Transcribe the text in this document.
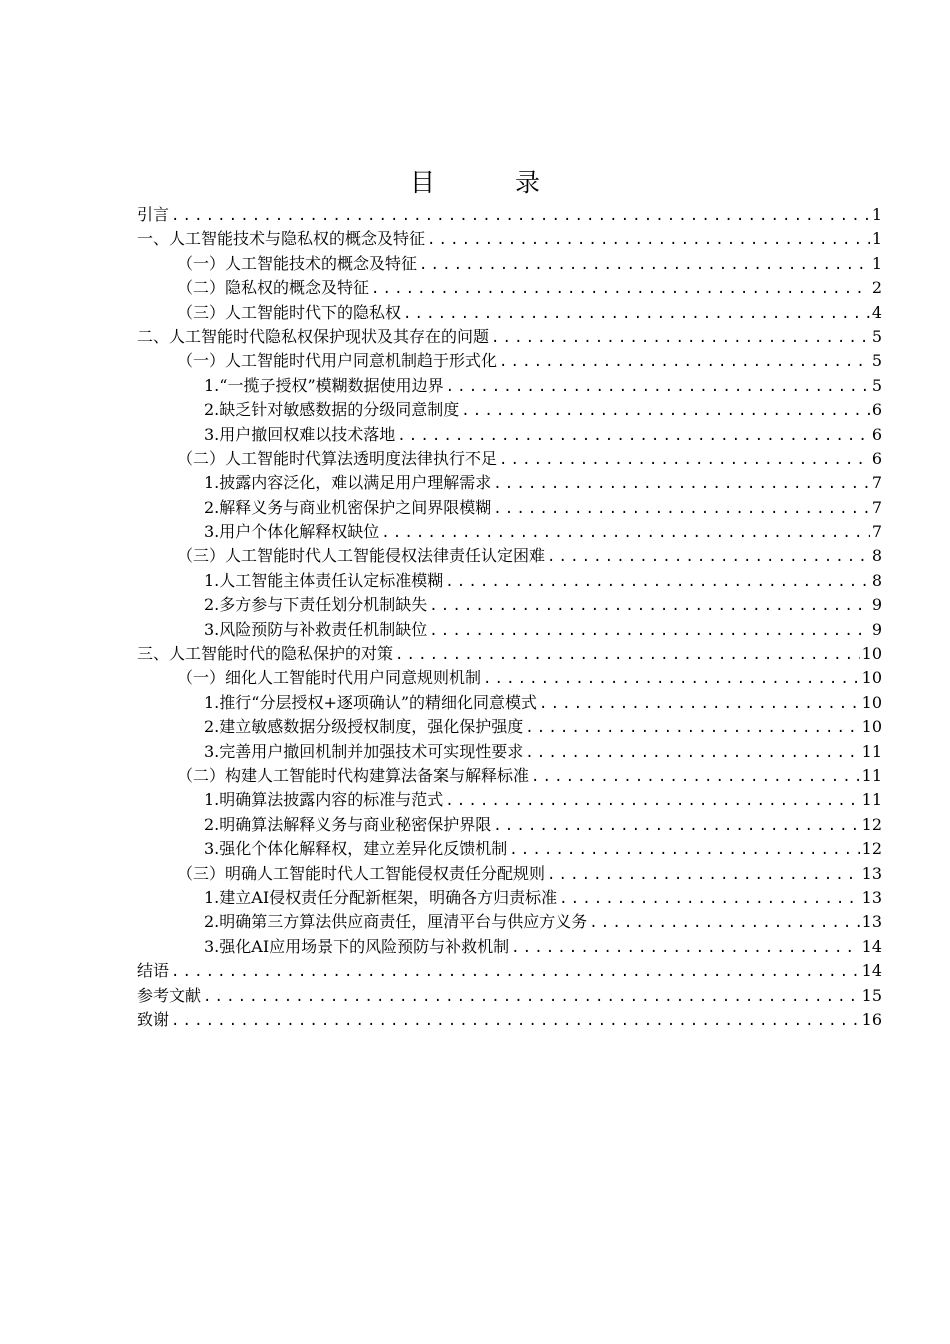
目 录
引言 .....	1
一、人工智能技术与隐私权的概念及特征 .....	1
（一）人工智能技术的概念及特征 .....	1
（二）隐私权的概念及特征 .....	2
（三）人工智能时代下的隐私权 .....	4
二、人工智能时代隐私权保护现状及其存在的问题 .....	5
（一）人工智能时代用户同意机制趋于形式化 .....	5
1.“一揽子授权”模糊数据使用边界 .....	5
2.缺乏针对敏感数据的分级同意制度 .....	6
3.用户撤回权难以技术落地 .....	6
（二）人工智能时代算法透明度法律执行不足 .....	6
1.披露内容泛化，难以满足用户理解需求 .....	7
2.解释义务与商业机密保护之间界限模糊 .....	7
3.用户个体化解释权缺位 .....	7
（三）人工智能时代人工智能侵权法律责任认定困难 .....	8
1.人工智能主体责任认定标准模糊 .....	8
2.多方参与下责任划分机制缺失 .....	9
3.风险预防与补救责任机制缺位 .....	9
三、人工智能时代的隐私保护的对策 .....	10
（一）细化人工智能时代用户同意规则机制 .....	10
1.推行“分层授权+逐项确认”的精细化同意模式 .....	10
2.建立敏感数据分级授权制度，强化保护强度 .....	10
3.完善用户撤回机制并加强技术可实现性要求 .....	11
（二）构建人工智能时代构建算法备案与解释标准 .....	11
1.明确算法披露内容的标准与范式 .....	11
2.明确算法解释义务与商业秘密保护界限 .....	12
3.强化个体化解释权，建立差异化反馈机制 .....	12
（三）明确人工智能时代人工智能侵权责任分配规则 .....	13
1.建立AI侵权责任分配新框架，明确各方归责标准 .....	13
2.明确第三方算法供应商责任，厘清平台与供应方义务 .....	13
3.强化AI应用场景下的风险预防与补救机制 .....	14
结语 .....	14
参考文献 .....	15
致谢 .....	16
